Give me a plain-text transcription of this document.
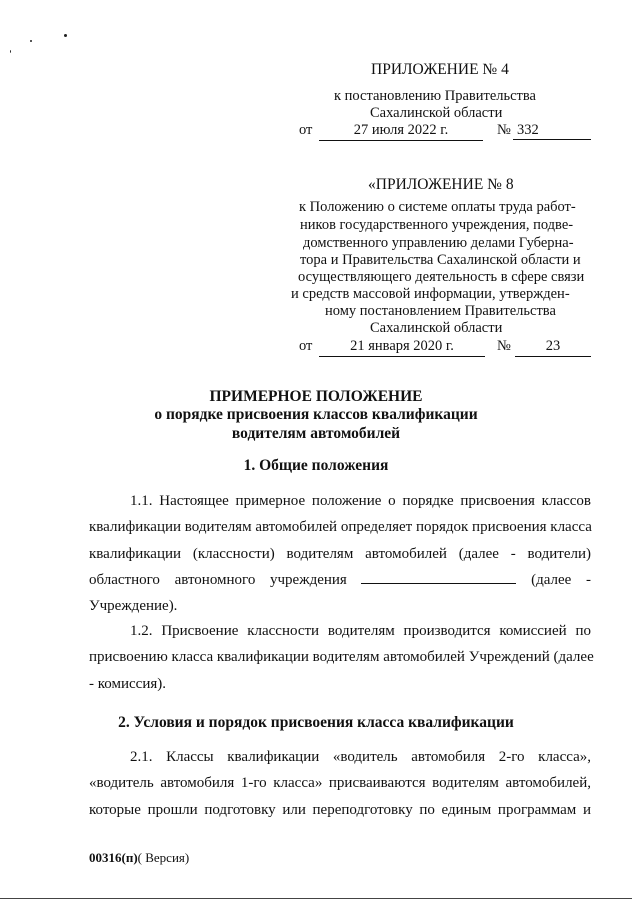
ПРИЛОЖЕНИЕ № 4
к постановлению Правительства
Сахалинской области
от	27 июля 2022 г.	№ 332
«ПРИЛОЖЕНИЕ № 8
к Положению о системе оплаты труда работ-
ников государственного учреждения, подве-
домственного управлению делами Губерна-
тора и Правительства Сахалинской области и
осуществляющего деятельность в сфере связи
и средств массовой информации, утвержден-
ному постановлением Правительства
Сахалинской области
от	21 января 2020 г.	№	23
ПРИМЕРНОЕ ПОЛОЖЕНИЕ
о порядке присвоения классов квалификации
водителям автомобилей
1. Общие положения
1.1. Настоящее примерное положение о порядке присвоения классов
квалификации водителям автомобилей определяет порядок присвоения класса
квалификации (классности) водителям автомобилей (далее - водители)
областного автономного учреждения	(далее -
Учреждение).
1.2. Присвоение классности водителям производится комиссией по
присвоению класса квалификации водителям автомобилей Учреждений (далее
- комиссия).
2. Условия и порядок присвоения класса квалификации
2.1. Классы квалификации «водитель автомобиля 2-го класса»,
«водитель автомобиля 1-го класса» присваиваются водителям автомобилей,
которые прошли подготовку или переподготовку по единым программам и
00316(п)( Версия)
